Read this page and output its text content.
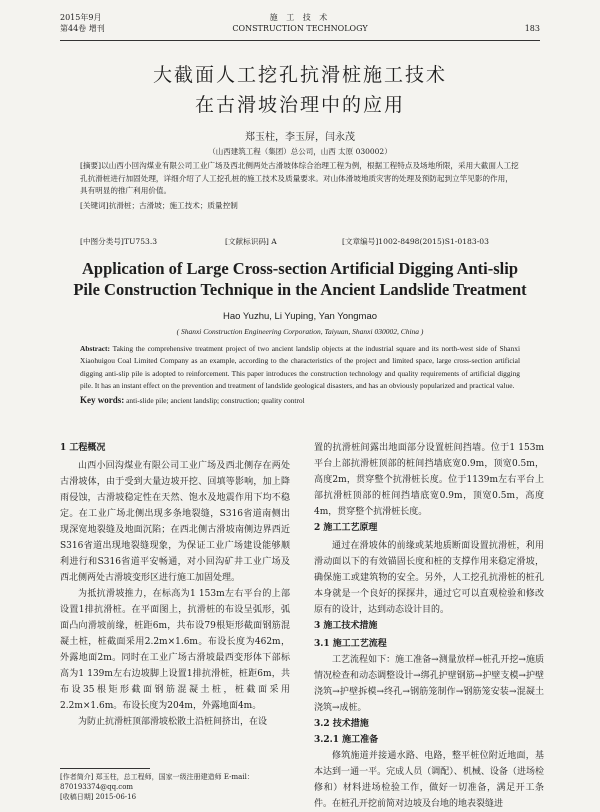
2015年9月
第44卷 增刊
施 工 技 术
CONSTRUCTION TECHNOLOGY	183
大截面人工挖孔抗滑桩施工技术
在古滑坡治理中的应用
郑玉柱，李玉屏，闫永茂
（山西建筑工程（集团）总公司，山西 太原 030002）

[摘要]以山西小回沟煤业有限公司工业广场及西北侧两处古滑坡体综合治理工程为例，根据工程特点及场地所限，采用大截面人工挖孔抗滑桩进行加固处理，详细介绍了人工挖孔桩的施工技术及质量要求。对山体滑坡地质灾害的处理及预防起到立竿见影的作用，具有明显的推广利用价值。

[关键词]抗滑桩；古滑坡；施工技术；质量控制

[中图分类号]TU753.3	[文献标识码] A	[文章编号]1002-8498(2015)S1-0183-03
Application of Large Cross-section Artificial Digging Anti-slip
Pile Construction Technique in the Ancient Landslide Treatment
Hao Yuzhu, Li Yuping, Yan Yongmao
( Shanxi Construction Engineering Corporation, Taiyuan, Shanxi 030002, China )

Abstract: Taking the comprehensive treatment project of two ancient landslip objects at the industrial square and its north-west side of Shanxi Xiaohuigou Coal Limited Company as an example, according to the characteristics of the project and limited space, large cross-section artificial digging anti-slip pile is adopted to reinforcement. This paper introduces the construction technology and quality requirements of artificial digging pile. It has an instant effect on the prevention and treatment of landslide geological disasters, and has an obviously popularized and practical value.

Key words: anti-slide pile; ancient landslip; construction; quality control

1 工程概况

山西小回沟煤业有限公司工业广场及西北侧存在两处古滑坡体，由于受到大量边坡开挖、回填等影响，加上降雨侵蚀，古滑坡稳定性在天然、饱水及地震作用下均不稳定。在工业广场北侧出现多条地裂缝，S316省道南侧出现深宽地裂缝及地面沉陷；在西北侧古滑坡南侧边界西近S316省道出现地裂缝现象，为保证工业广场建设能够顺利进行和S316省道平安畅通，对小回沟矿井工业广场及西北侧两处古滑坡变形区进行施工加固处理。

为抵抗滑坡推力，在标高为1 153m左右平台的上部设置1排抗滑桩。在平面图上，抗滑桩的布设呈弧形，弧面凸向滑坡前缘，桩距6m，共布设79根矩形截面钢筋混凝土桩，桩截面采用2.2m×1.6m。布设长度为462m，外露地面2m。同时在工业广场古滑坡最西变形体下部标高为1 139m左右边坡脚上设置1排抗滑桩，桩距6m，共布设35根矩形截面钢筋混凝土桩，桩截面采用2.2m×1.6m。布设长度为204m，外露地面4m。

为防止抗滑桩顶部滑坡松散土沿桩间挤出，在设

置的抗滑桩间露出地面部分设置桩间挡墙。位于1 153m平台上部抗滑桩顶部的桩间挡墙底宽0.9m，顶宽0.5m，高度2m，贯穿整个抗滑桩长度。位于1139m左右平台上部抗滑桩顶部的桩间挡墙底宽0.9m，顶宽0.5m，高度4m，贯穿整个抗滑桩长度。

2 施工工艺原理

通过在滑坡体的前缘或某地质断面设置抗滑桩，利用滑动面以下的有效锚固长度和桩的支撑作用来稳定滑坡，确保施工或建筑物的安全。另外，人工挖孔抗滑桩的桩孔本身就是一个良好的探探井，通过它可以直观检验和修改原有的设计，达到动态设计目的。

3 施工技术措施
3.1 施工工艺流程

工艺流程如下：施工准备→测量放样→桩孔开挖→施质情况检查和动态调整设计→绑孔护壁钢筋→护壁支模→护壁浇筑→护壁拆模→终孔→钢筋笼制作→钢筋笼安装→混凝土浇筑→成桩。

3.2 技术措施
3.2.1 施工准备

修筑施道并接通水路、电路，整平桩位附近地面，基本达到一通一平。完成人员（调配）、机械、设备（进场检修和）材料进场检验工作，做好一切准备，满足开工条件。在桩孔开挖前简对边坡及台地的地表裂缝进

[作者简介] 郑玉柱，总工程师，国家一级注册建造师 E-mail：

870193374@qq.com

[收稿日期] 2015-06-16
